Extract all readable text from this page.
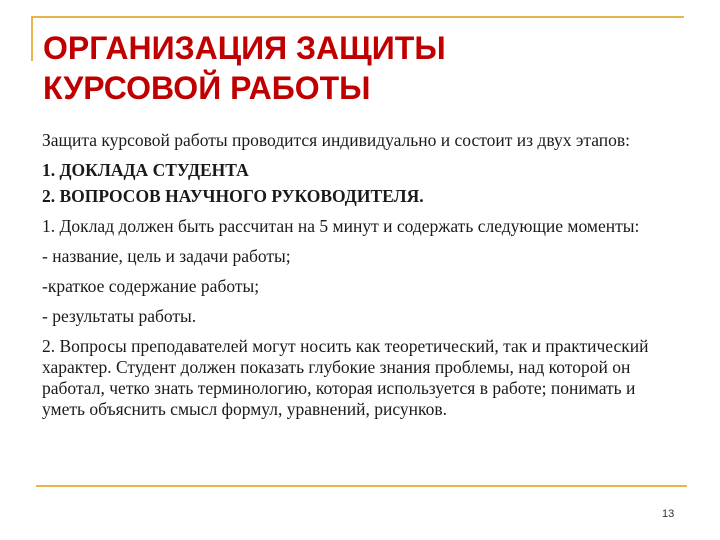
ОРГАНИЗАЦИЯ ЗАЩИТЫ
КУРСОВОЙ РАБОТЫ

Защита курсовой работы проводится индивидуально и состоит из двух этапов:

1. ДОКЛАДА СТУДЕНТА

2. ВОПРОСОВ НАУЧНОГО РУКОВОДИТЕЛЯ.

1. Доклад должен быть рассчитан на 5 минут и содержать следующие моменты:

- название, цель и задачи работы;

-краткое содержание работы;

- результаты работы.

2. Вопросы преподавателей могут носить как теоретический, так и практический характер. Студент должен показать глубокие знания проблемы, над которой он работал, четко знать терминологию, которая используется в работе; понимать и уметь объяснить смысл формул, уравнений, рисунков.

13
